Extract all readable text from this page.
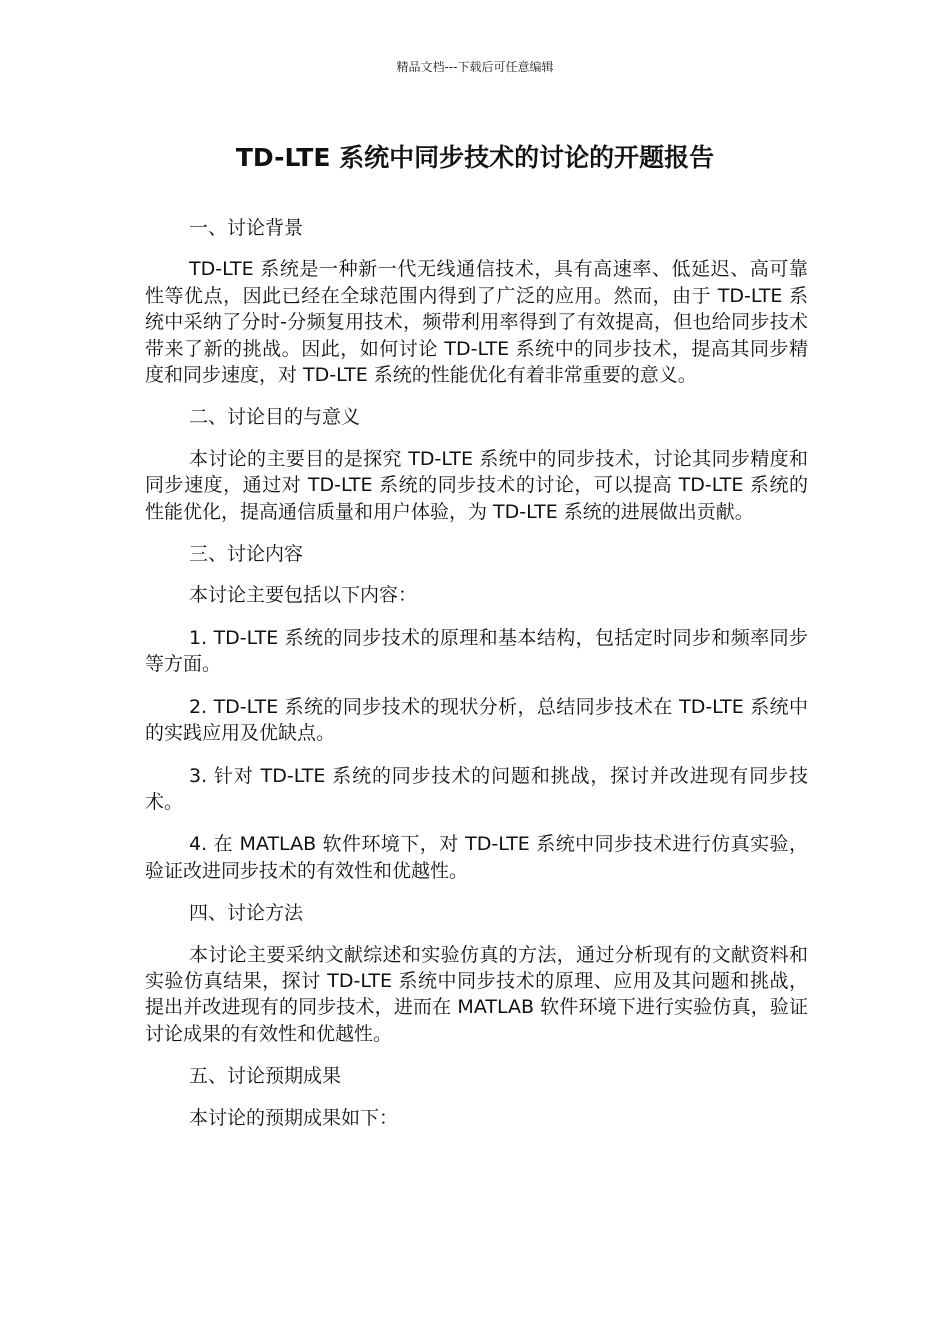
精品文档---下载后可任意编辑
TD-LTE 系统中同步技术的讨论的开题报告

一、讨论背景

TD-LTE 系统是一种新一代无线通信技术，具有高速率、低延迟、高可靠性等优点，因此已经在全球范围内得到了广泛的应用。然而，由于 TD-LTE 系统中采纳了分时-分频复用技术，频带利用率得到了有效提高，但也给同步技术带来了新的挑战。因此，如何讨论 TD-LTE 系统中的同步技术，提高其同步精度和同步速度，对 TD-LTE 系统的性能优化有着非常重要的意义。

二、讨论目的与意义

本讨论的主要目的是探究 TD-LTE 系统中的同步技术，讨论其同步精度和同步速度，通过对 TD-LTE 系统的同步技术的讨论，可以提高 TD-LTE 系统的性能优化，提高通信质量和用户体验，为 TD-LTE 系统的进展做出贡献。

三、讨论内容

本讨论主要包括以下内容：

1. TD-LTE 系统的同步技术的原理和基本结构，包括定时同步和频率同步等方面。

2. TD-LTE 系统的同步技术的现状分析，总结同步技术在 TD-LTE 系统中的实践应用及优缺点。

3. 针对 TD-LTE 系统的同步技术的问题和挑战，探讨并改进现有同步技术。

4. 在 MATLAB 软件环境下，对 TD-LTE 系统中同步技术进行仿真实验，验证改进同步技术的有效性和优越性。

四、讨论方法

本讨论主要采纳文献综述和实验仿真的方法，通过分析现有的文献资料和实验仿真结果，探讨 TD-LTE 系统中同步技术的原理、应用及其问题和挑战，提出并改进现有的同步技术，进而在 MATLAB 软件环境下进行实验仿真，验证讨论成果的有效性和优越性。

五、讨论预期成果

本讨论的预期成果如下：
